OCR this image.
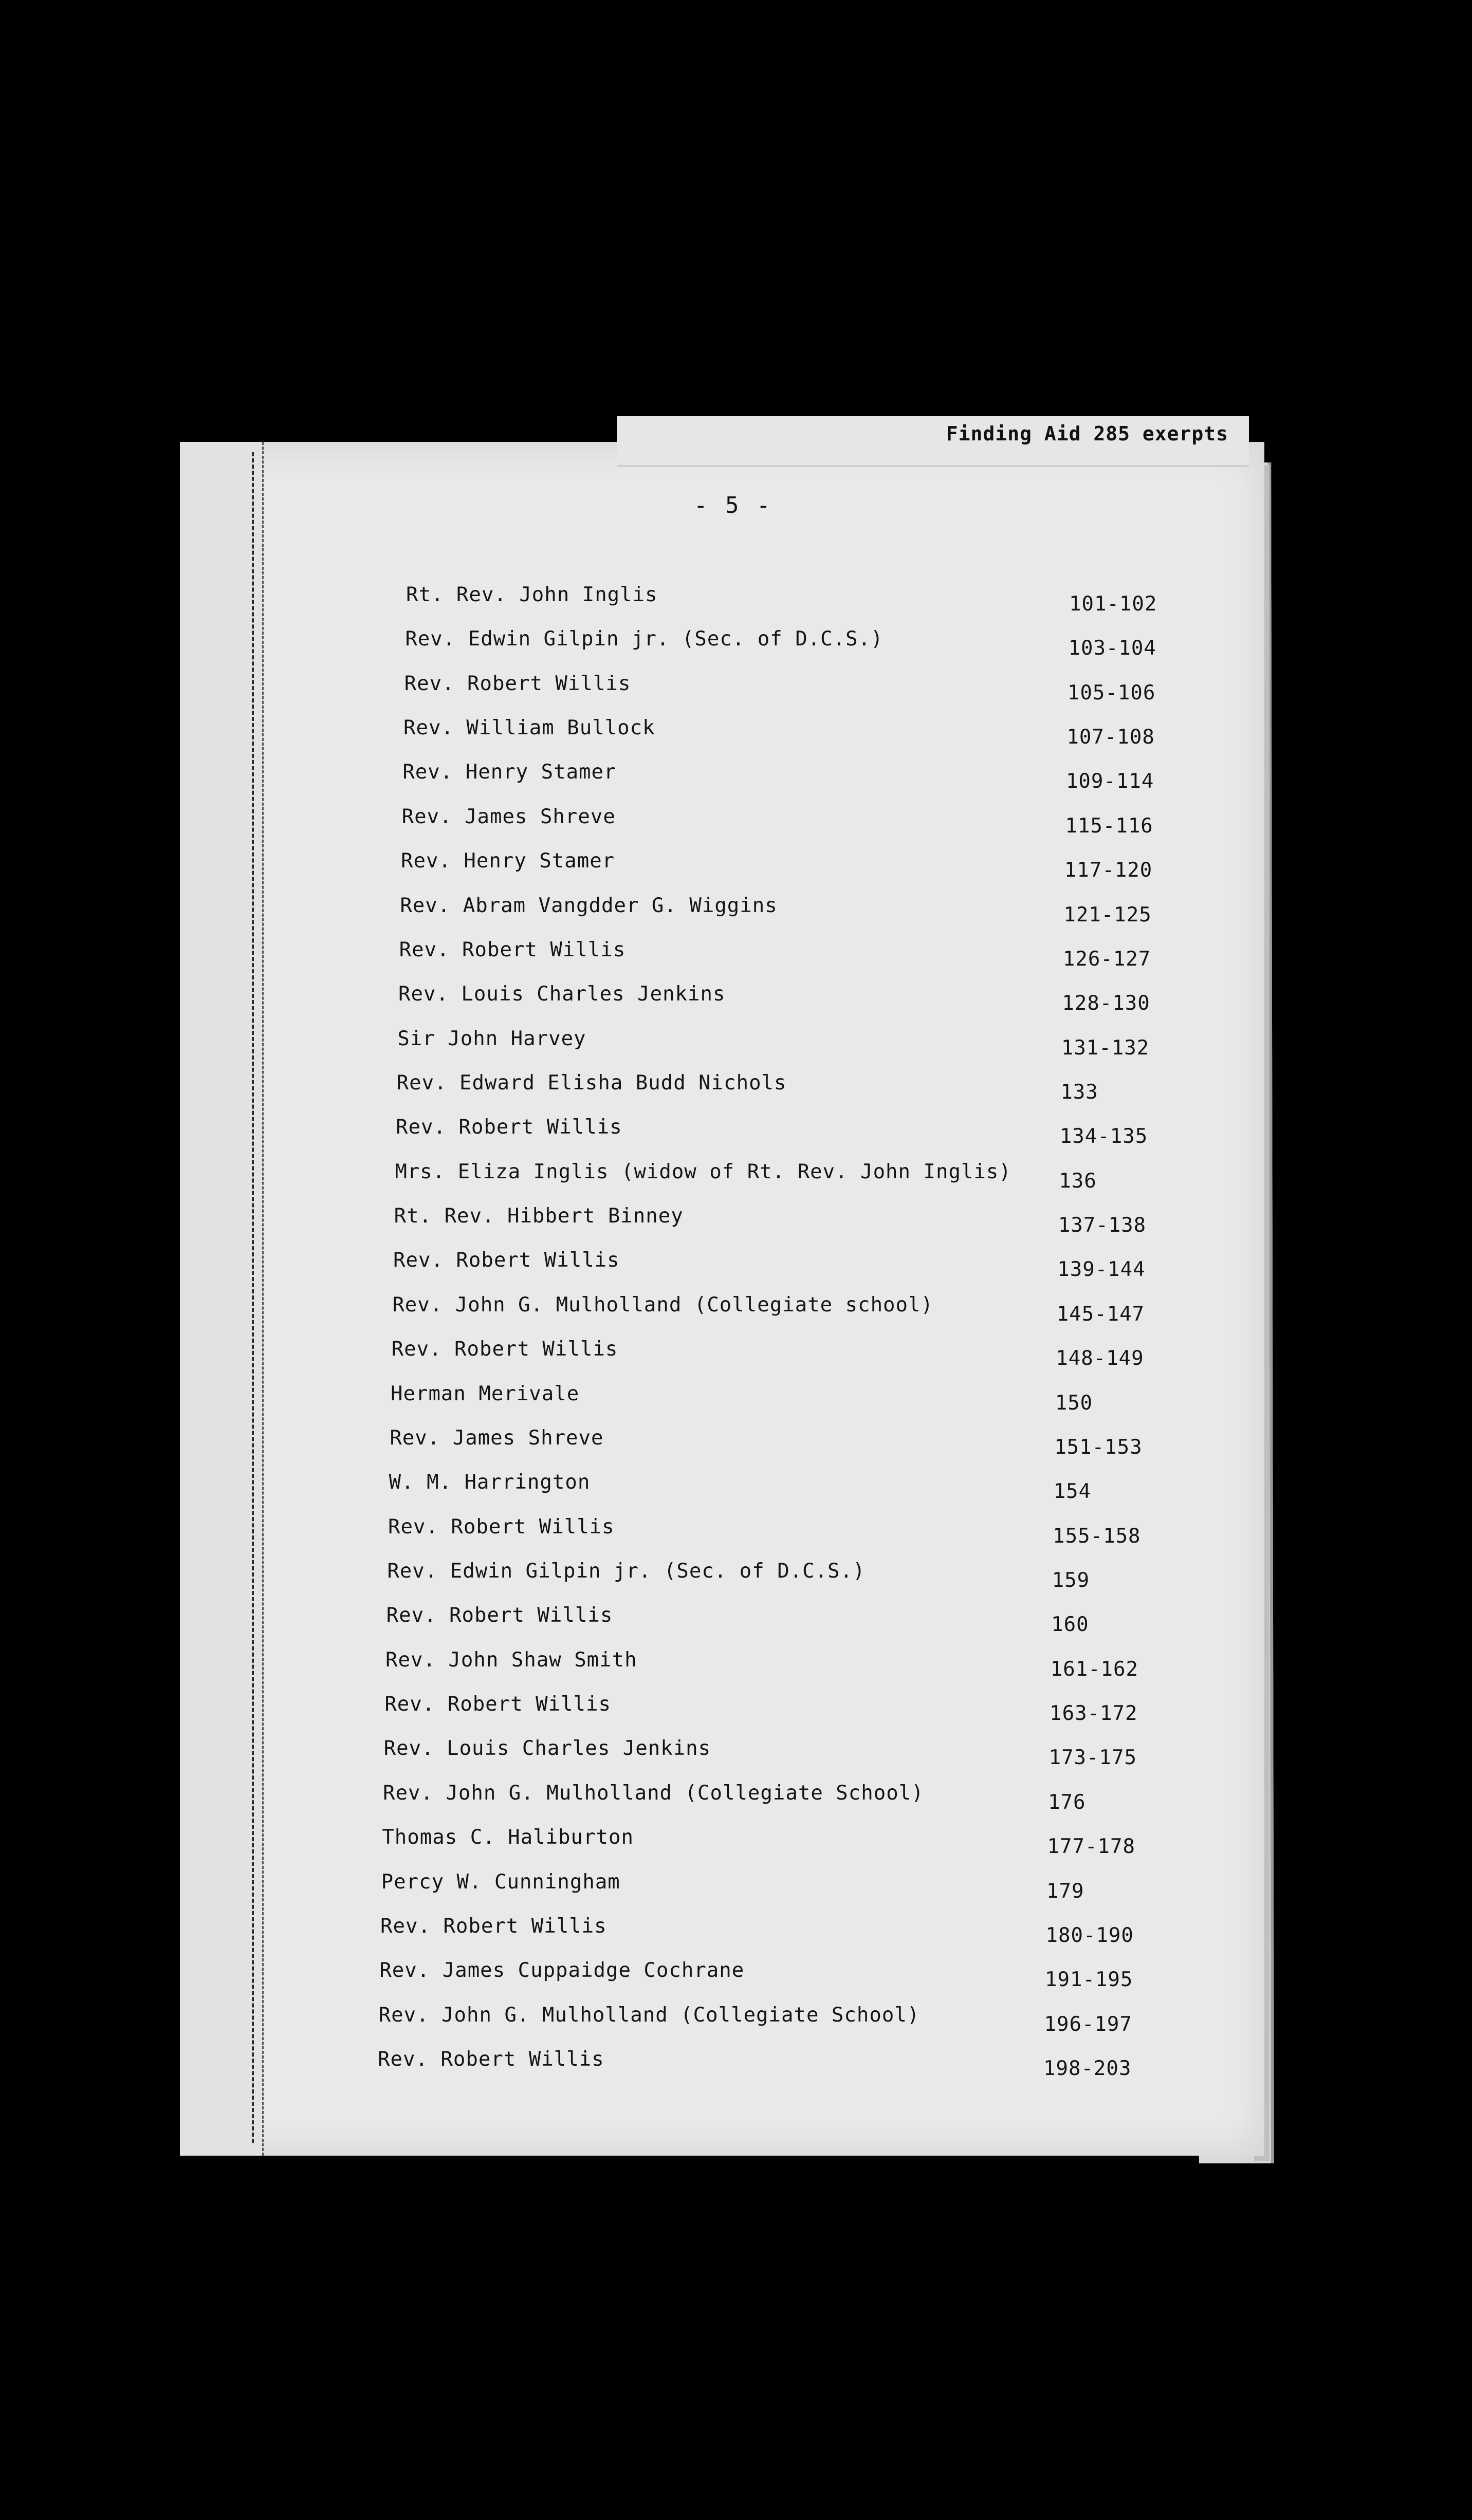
Finding Aid 285 exerpts
- 5 -
Rt. Rev. John Inglis	101-102
Rev. Edwin Gilpin jr. (Sec. of D.C.S.)	103-104
Rev. Robert Willis	105-106
Rev. William Bullock	107-108
Rev. Henry Stamer	109-114
Rev. James Shreve	115-116
Rev. Henry Stamer	117-120
Rev. Abram Vangdder G. Wiggins	121-125
Rev. Robert Willis	126-127
Rev. Louis Charles Jenkins	128-130
Sir John Harvey	131-132
Rev. Edward Elisha Budd Nichols	133
Rev. Robert Willis	134-135
Mrs. Eliza Inglis (widow of Rt. Rev. John Inglis) 136
Rt. Rev. Hibbert Binney	137-138
Rev. Robert Willis	139-144
Rev. John G. Mulholland (Collegiate school)	145-147
Rev. Robert Willis	148-149
Herman Merivale	150
Rev. James Shreve	151-153
W. M. Harrington	154
Rev. Robert Willis	155-158
Rev. Edwin Gilpin jr. (Sec. of D.C.S.)	159
Rev. Robert Willis	160
Rev. John Shaw Smith	161-162
Rev. Robert Willis	163-172
Rev. Louis Charles Jenkins	173-175
Rev. John G. Mulholland (Collegiate School)	176
Thomas C. Haliburton	177-178
Percy W. Cunningham	179
Rev. Robert Willis	180-190
Rev. James Cuppaidge Cochrane	191-195
Rev. John G. Mulholland (Collegiate School)	196-197
Rev. Robert Willis	198-203
